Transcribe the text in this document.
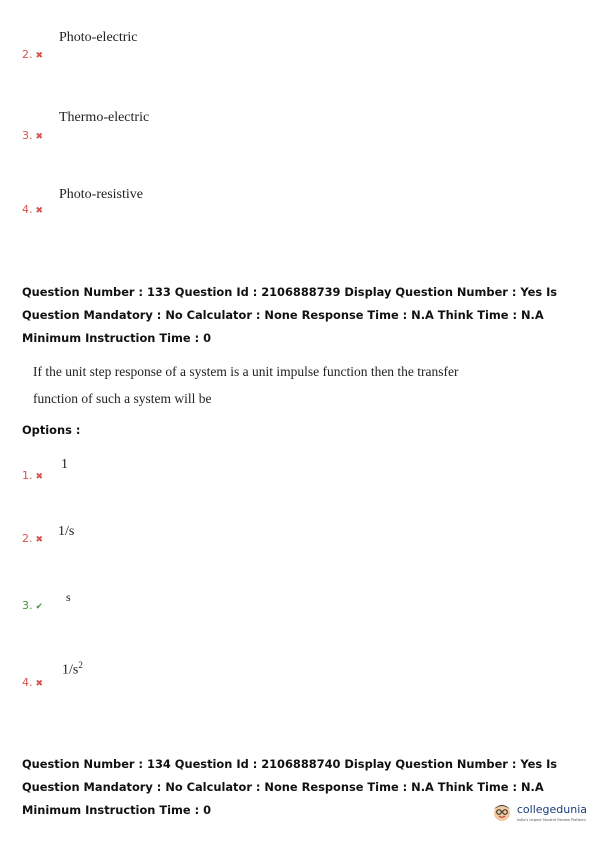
Photo-electric
2. ✖
Thermo-electric
3. ✖
Photo-resistive
4. ✖
Question Number : 133 Question Id : 2106888739 Display Question Number : Yes Is Question Mandatory : No Calculator : None Response Time : N.A Think Time : N.A Minimum Instruction Time : 0
If the unit step response of a system is a unit impulse function then the transfer
function of such a system will be
Options :
1
1. ✖
1/s
2. ✖
s
3. ✔
$1/s^2$
4. ✖
Question Number : 134 Question Id : 2106888740 Display Question Number : Yes Is Question Mandatory : No Calculator : None Response Time : N.A Think Time : N.A Minimum Instruction Time : 0	collegedunia
India's largest Student Review Platform
